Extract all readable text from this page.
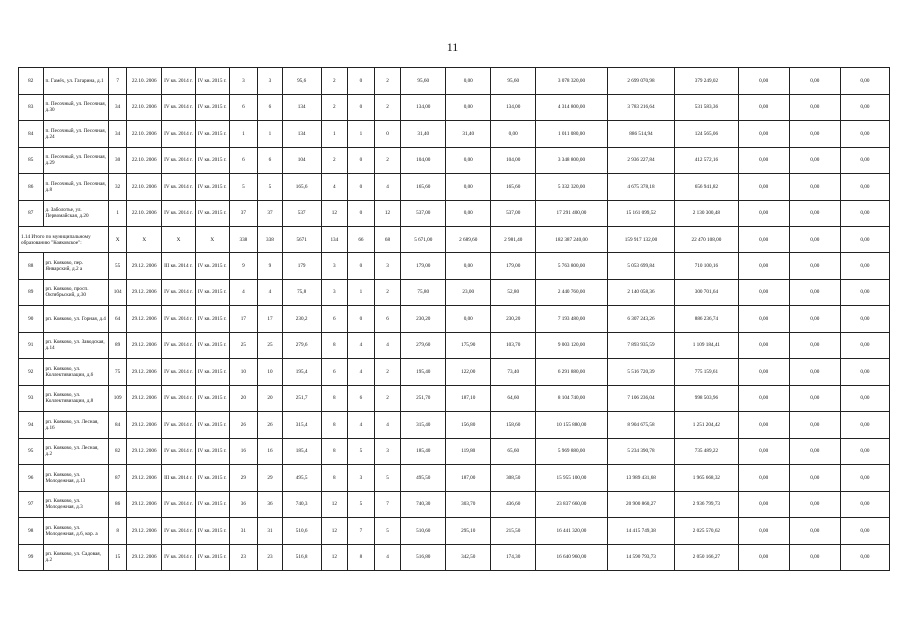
11
82	п. Гамёх, ул. Гагарина, д.1	7	22.10. 2006	IV кв. 2014 г.	IV кв. 2015 г.	3	3	95,6	2	0	2	95,60	0,00	95,60	3 078 320,00	2 699 070,98	379 249,02	0,00	0,00	0,00
83	п. Песочный, ул. Песочная, д.30	34	22.10. 2006	IV кв. 2014 г.	IV кв. 2015 г.	6	6	134	2	0	2	134,00	0,00	134,00	4 314 800,00	3 783 216,64	531 583,36	0,00	0,00	0,00
84	п. Песочный, ул. Песочная, д.24	34	22.10. 2006	IV кв. 2014 г.	IV кв. 2015 г.	1	1	134	1	1	0	31,40	31,40	0,00	1 011 080,00	886 514,94	124 565,06	0,00	0,00	0,00
85	п. Песочный, ул. Песочная, д.29	30	22.10. 2006	IV кв. 2014 г.	IV кв. 2015 г.	6	6	104	2	0	2	104,00	0,00	104,00	3 348 800,00	2 936 227,84	412 572,16	0,00	0,00	0,00
86	п. Песочный, ул. Песочная, д.8	32	22.10. 2006	IV кв. 2014 г.	IV кв. 2015 г.	5	5	165,6	4	0	4	165,60	0,00	165,60	5 332 320,00	4 675 378,18	656 941,82	0,00	0,00	0,00
87	д. Заболотье, ул. Первомайская, д.20	1	22.10. 2006	IV кв. 2014 г.	IV кв. 2015 г.	37	37	537	12	0	12	537,00	0,00	537,00	17 291 400,00	15 161 099,52	2 130 300,48	0,00	0,00	0,00
1.14 Итого по муниципальному образованию "Кояковское":		X	X	X	X	338	338	5671	134	66	68	5 671,00	2 689,60	2 981,40	182 387 240,00	159 917 132,00	22 470 108,00	0,00	0,00	0,00
88	рп. Кояково, пер. Январский, д.2 а	55	29.12. 2006	III кв. 2014 г.	IV кв. 2015 г.	9	9	179	3	0	3	179,00	0,00	179,00	5 763 800,00	5 053 699,84	710 100,16	0,00	0,00	0,00
89	рп. Кояково, просп. Октябрьский, д.30	104	29.12. 2006	IV кв. 2014 г.	IV кв. 2015 г.	4	4	75,8	3	1	2	75,80	23,00	52,80	2 440 760,00	2 140 058,36	300 701,64	0,00	0,00	0,00
90	рп. Кояково, ул. Горная, д.4	64	29.12. 2006	IV кв. 2014 г.	IV кв. 2015 г.	17	17	230,2	6	0	6	230,20	0,00	230,20	7 193 480,00	6 307 243,26	886 236,74	0,00	0,00	0,00
91	рп. Кояково, ул. Заводская, д.14	89	29.12. 2006	IV кв. 2014 г.	IV кв. 2015 г.	25	25	279,6	8	4	4	279,60	175,90	103,70	9 003 120,00	7 893 935,59	1 109 184,41	0,00	0,00	0,00
92	рп. Кояково, ул. Коллективизации, д.6	75	29.12. 2006	IV кв. 2014 г.	IV кв. 2015 г.	10	10	195,4	6	4	2	195,40	122,00	73,40	6 291 880,00	5 516 720,39	775 159,61	0,00	0,00	0,00
93	рп. Кояково, ул. Коллективизации, д.8	109	29.12. 2006	IV кв. 2014 г.	IV кв. 2015 г.	20	20	251,7	8	6	2	251,70	187,10	64,60	8 104 740,00	7 106 236,04	998 503,96	0,00	0,00	0,00
94	рп. Кояково, ул. Лесная, д.16	84	29.12. 2006	IV кв. 2014 г.	IV кв. 2015 г.	26	26	315,4	8	4	4	315,40	156,80	158,60	10 155 880,00	8 904 675,58	1 251 204,42	0,00	0,00	0,00
95	рп. Кояково, ул. Лесная, д.2	82	29.12. 2006	IV кв. 2014 г.	IV кв. 2015 г.	16	16	185,4	8	5	3	185,40	119,80	65,60	5 969 880,00	5 234 390,78	735 489,22	0,00	0,00	0,00
96	рп. Кояково, ул. Молодежная, д.13	87	29.12. 2006	III кв. 2014 г.	IV кв. 2015 г.	29	29	495,5	8	3	5	495,50	187,00	308,50	15 955 100,00	13 989 431,68	1 965 668,32	0,00	0,00	0,00
97	рп. Кояково, ул. Молодежная, д.3	86	29.12. 2006	IV кв. 2014 г.	IV кв. 2015 г.	36	36	740,3	12	5	7	740,30	303,70	436,60	23 837 660,00	20 900 860,27	2 936 799,73	0,00	0,00	0,00
98	рп. Кояково, ул. Молодежная, д.6, кор. а	8	29.12. 2006	IV кв. 2014 г.	IV кв. 2015 г.	31	31	510,6	12	7	5	510,60	295,10	215,50	16 441 320,00	14 415 749,38	2 025 570,62	0,00	0,00	0,00
99	рп. Кояково, ул. Садовая, д.2	15	29.12. 2006	IV кв. 2014 г.	IV кв. 2015 г.	23	23	516,8	12	8	4	516,80	342,50	174,30	16 640 960,00	14 590 793,73	2 050 166,27	0,00	0,00	0,00
